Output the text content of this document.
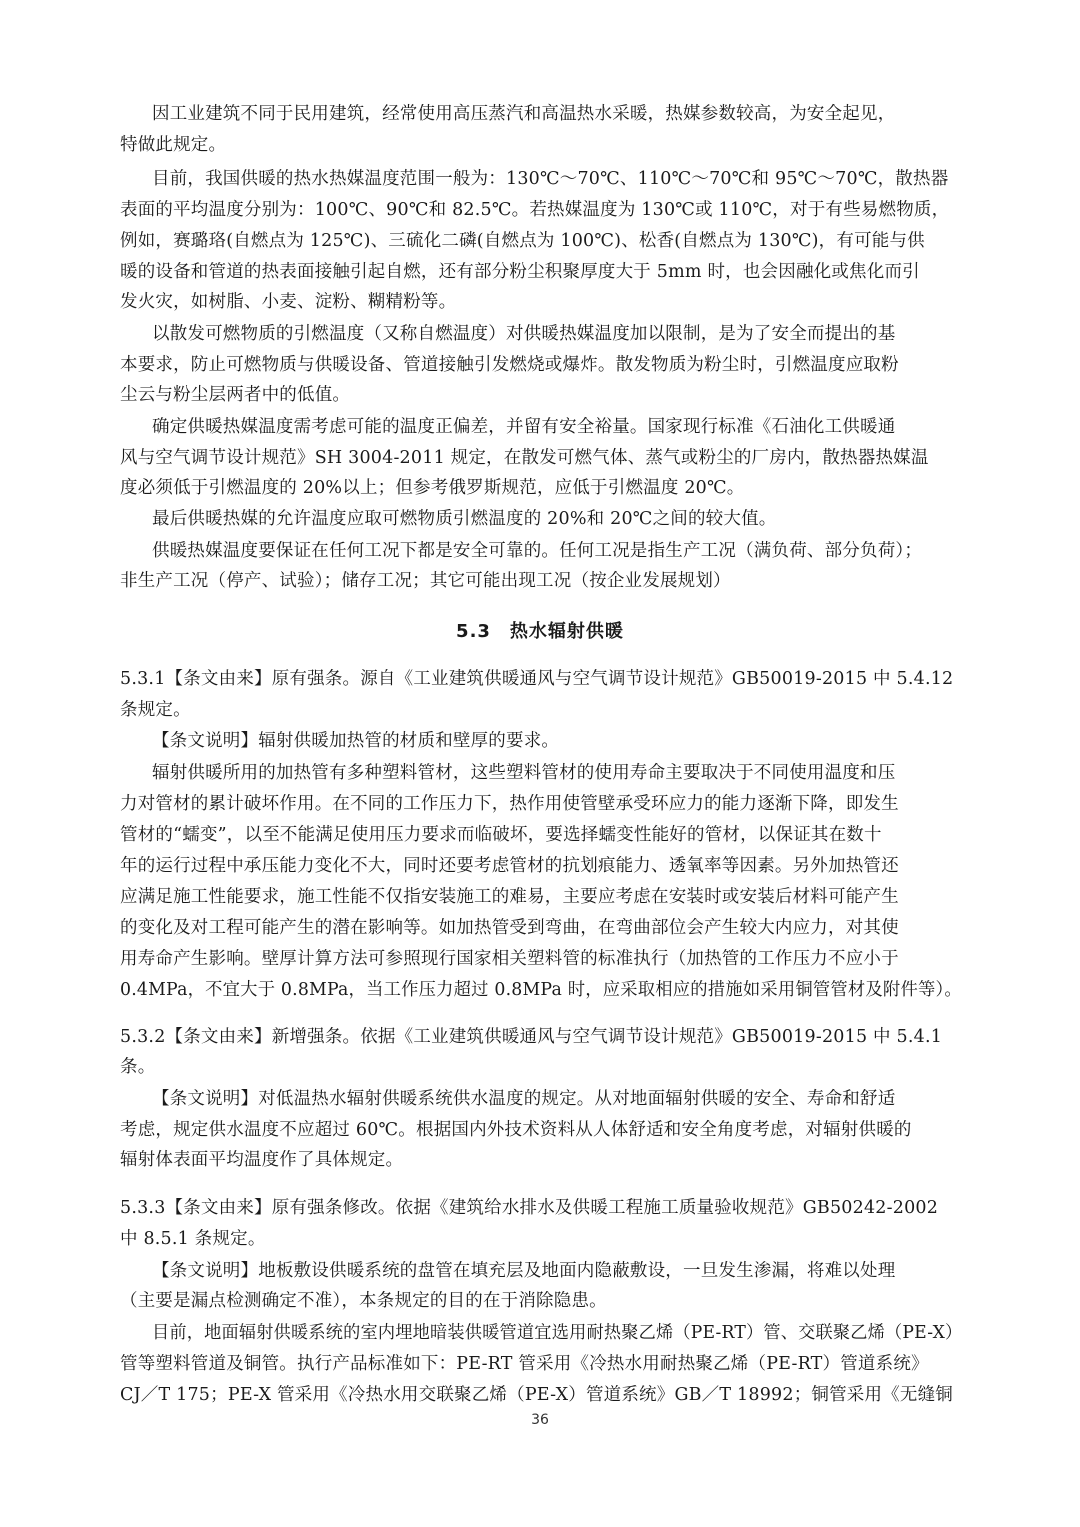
因工业建筑不同于民用建筑，经常使用高压蒸汽和高温热水采暖，热媒参数较高，为安全起见，
特做此规定。
目前，我国供暖的热水热媒温度范围一般为：130℃～70℃、110℃～70℃和 95℃～70℃，散热器
表面的平均温度分别为：100℃、90℃和 82.5℃。若热媒温度为 130℃或 110℃，对于有些易燃物质，
例如，赛璐珞(自燃点为 125℃)、三硫化二磷(自燃点为 100℃)、松香(自燃点为 130℃)，有可能与供
暖的设备和管道的热表面接触引起自燃，还有部分粉尘积聚厚度大于 5mm 时，也会因融化或焦化而引
发火灾，如树脂、小麦、淀粉、糊精粉等。
以散发可燃物质的引燃温度（又称自燃温度）对供暖热媒温度加以限制，是为了安全而提出的基
本要求，防止可燃物质与供暖设备、管道接触引发燃烧或爆炸。散发物质为粉尘时，引燃温度应取粉
尘云与粉尘层两者中的低值。
确定供暖热媒温度需考虑可能的温度正偏差，并留有安全裕量。国家现行标准《石油化工供暖通
风与空气调节设计规范》SH 3004-2011 规定，在散发可燃气体、蒸气或粉尘的厂房内，散热器热媒温
度必须低于引燃温度的 20%以上；但参考俄罗斯规范，应低于引燃温度 20℃。
最后供暖热媒的允许温度应取可燃物质引燃温度的 20%和 20℃之间的较大值。
供暖热媒温度要保证在任何工况下都是安全可靠的。任何工况是指生产工况（满负荷、部分负荷）；
非生产工况（停产、试验）；储存工况；其它可能出现工况（按企业发展规划）
5.3　热水辐射供暖
5.3.1【条文由来】原有强条。源自《工业建筑供暖通风与空气调节设计规范》GB50019-2015 中 5.4.12
条规定。
【条文说明】辐射供暖加热管的材质和壁厚的要求。
辐射供暖所用的加热管有多种塑料管材，这些塑料管材的使用寿命主要取决于不同使用温度和压
力对管材的累计破坏作用。在不同的工作压力下，热作用使管壁承受环应力的能力逐渐下降，即发生
管材的“蠕变”，以至不能满足使用压力要求而临破坏，要选择蠕变性能好的管材，以保证其在数十
年的运行过程中承压能力变化不大，同时还要考虑管材的抗划痕能力、透氧率等因素。另外加热管还
应满足施工性能要求，施工性能不仅指安装施工的难易，主要应考虑在安装时或安装后材料可能产生
的变化及对工程可能产生的潜在影响等。如加热管受到弯曲，在弯曲部位会产生较大内应力，对其使
用寿命产生影响。壁厚计算方法可参照现行国家相关塑料管的标准执行（加热管的工作压力不应小于
0.4MPa，不宜大于 0.8MPa，当工作压力超过 0.8MPa 时，应采取相应的措施如采用铜管管材及附件等）。
5.3.2【条文由来】新增强条。依据《工业建筑供暖通风与空气调节设计规范》GB50019-2015 中 5.4.1
条。
【条文说明】对低温热水辐射供暖系统供水温度的规定。从对地面辐射供暖的安全、寿命和舒适
考虑，规定供水温度不应超过 60℃。根据国内外技术资料从人体舒适和安全角度考虑，对辐射供暖的
辐射体表面平均温度作了具体规定。
5.3.3【条文由来】原有强条修改。依据《建筑给水排水及供暖工程施工质量验收规范》GB50242-2002
中 8.5.1 条规定。
【条文说明】地板敷设供暖系统的盘管在填充层及地面内隐蔽敷设，一旦发生渗漏，将难以处理
（主要是漏点检测确定不准），本条规定的目的在于消除隐患。
目前，地面辐射供暖系统的室内埋地暗装供暖管道宜选用耐热聚乙烯（PE-RT）管、交联聚乙烯（PE-X）
管等塑料管道及铜管。执行产品标准如下：PE-RT 管采用《冷热水用耐热聚乙烯（PE-RT）管道系统》
CJ／T 175；PE-X 管采用《冷热水用交联聚乙烯（PE-X）管道系统》GB／T 18992；铜管采用《无缝铜
36
